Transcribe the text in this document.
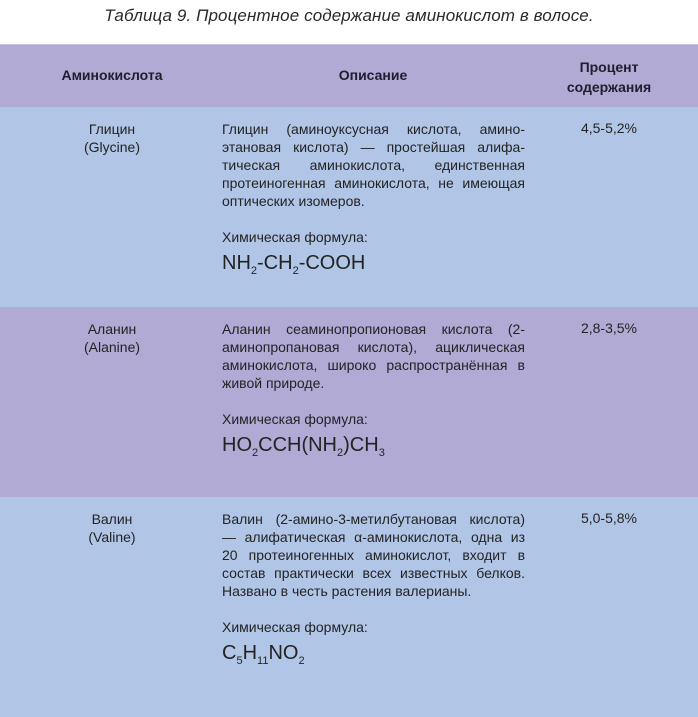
Таблица 9. Процентное содержание аминокислот в волосе.
Аминокислота	Описание	Процент
содержания
Глицин
(Glycine)

Глицин (аминоуксусная кислота, аминоэтановая кислота) — простейшая алифатическая аминокислота, единственная протеиногенная аминокислота, не имеющая оптических изомеров.

Химическая формула:

$NH_2-CH_2$-COOH
4,5-5,2%
Аланин
(Alanine)

Аланин сеаминопропионовая кислота (2-аминопропановая кислота), ациклическая аминокислота, широко распространённая в живой природе.

Химическая формула:

$HO_2CCH(NH_2)CH_3$
2,8-3,5%
Валин
(Valine)

Валин (2-амино-3-метилбутановая кислота) — алифатическая α-аминокислота, одна из 20 протеиногенных аминокислот, входит в состав практически всех известных белков. Названо в честь растения валерианы.

Химическая формула:

$C_5H_{11}NO_2$
5,0-5,8%
